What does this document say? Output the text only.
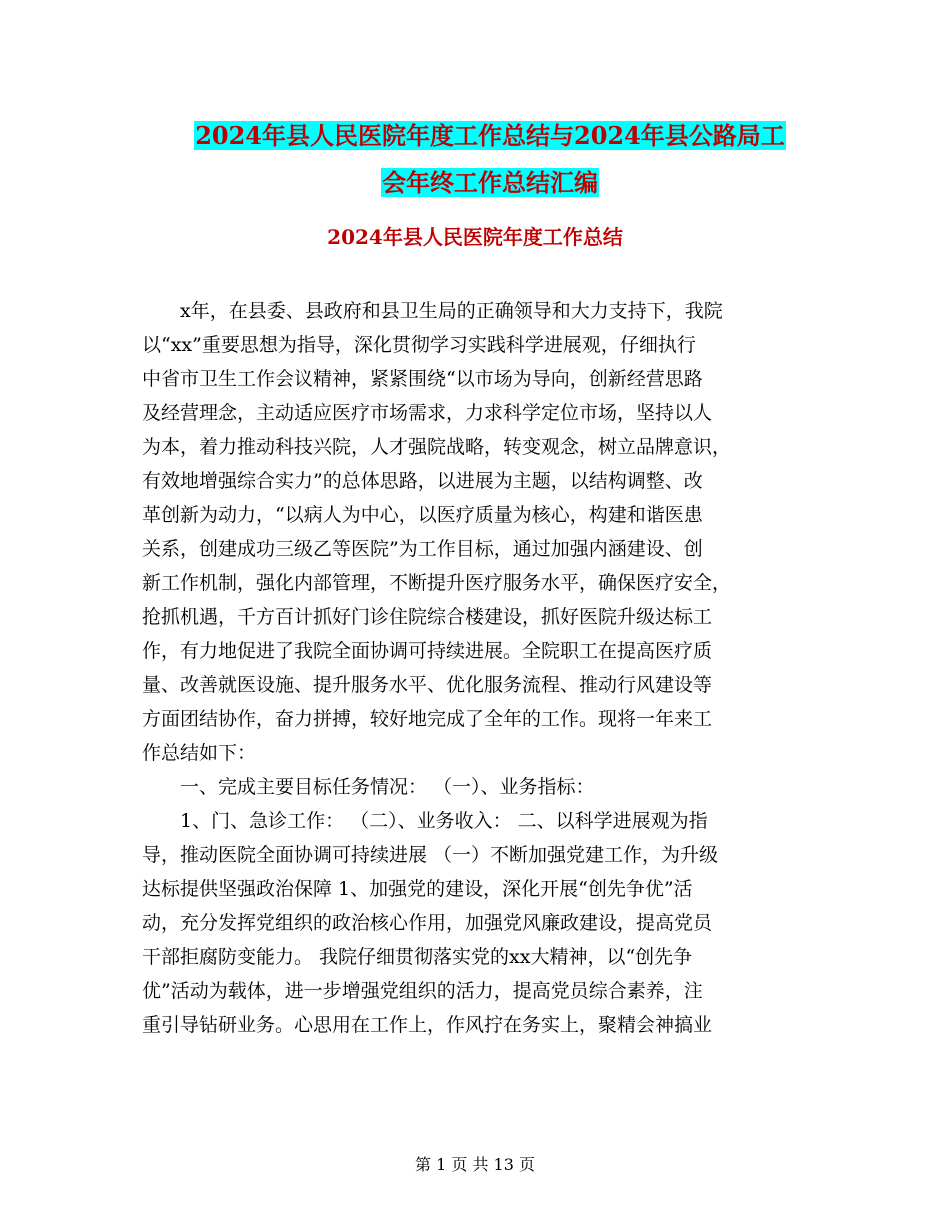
2024年县人民医院年度工作总结与2024年县公路局工
会年终工作总结汇编
2024年县人民医院年度工作总结
x年，在县委、县政府和县卫生局的正确领导和大力支持下，我院
以“xx”重要思想为指导，深化贯彻学习实践科学进展观，仔细执行
中省市卫生工作会议精神，紧紧围绕“以市场为导向，创新经营思路
及经营理念，主动适应医疗市场需求，力求科学定位市场，坚持以人
为本，着力推动科技兴院，人才强院战略，转变观念，树立品牌意识，
有效地增强综合实力”的总体思路，以进展为主题，以结构调整、改
革创新为动力，“以病人为中心，以医疗质量为核心，构建和谐医患
关系，创建成功三级乙等医院”为工作目标，通过加强内涵建设、创
新工作机制，强化内部管理，不断提升医疗服务水平，确保医疗安全，
抢抓机遇，千方百计抓好门诊住院综合楼建设，抓好医院升级达标工
作，有力地促进了我院全面协调可持续进展。全院职工在提高医疗质
量、改善就医设施、提升服务水平、优化服务流程、推动行风建设等
方面团结协作，奋力拼搏，较好地完成了全年的工作。现将一年来工
作总结如下：
一、完成主要目标任务情况： （一）、业务指标：
1、门、急诊工作： （二）、业务收入： 二、以科学进展观为指
导，推动医院全面协调可持续进展 （一）不断加强党建工作，为升级
达标提供坚强政治保障 1、加强党的建设，深化开展“创先争优”活
动，充分发挥党组织的政治核心作用，加强党风廉政建设，提高党员
干部拒腐防变能力。 我院仔细贯彻落实党的xx大精神，以“创先争
优”活动为载体，进一步增强党组织的活力，提高党员综合素养，注
重引导钻研业务。心思用在工作上，作风拧在务实上，聚精会神搞业
第 1 页 共 13 页
